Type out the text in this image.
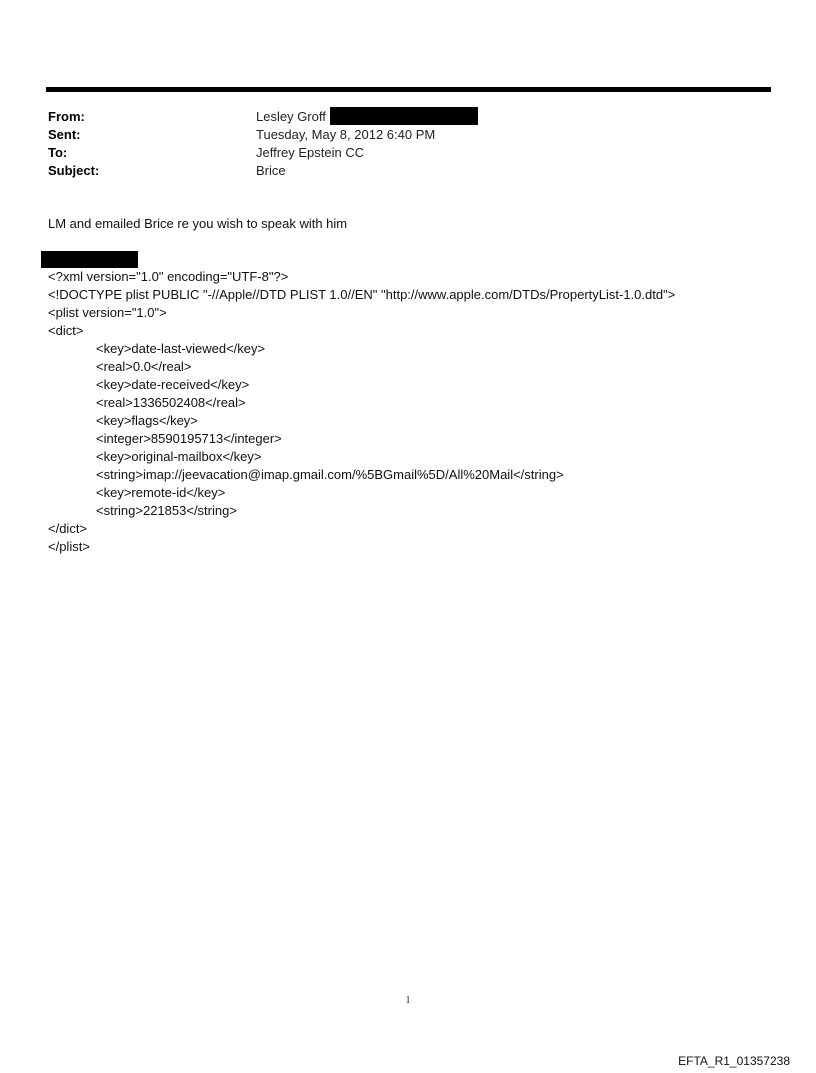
From:	Lesley Groff
Sent:	Tuesday, May 8, 2012 6:40 PM
To:	Jeffrey Epstein CC
Subject:	Brice
LM and emailed Brice re you wish to speak with him
<?xml version="1.0" encoding="UTF-8"?>
<!DOCTYPE plist PUBLIC "-//Apple//DTD PLIST 1.0//EN" "http://www.apple.com/DTDs/PropertyList-1.0.dtd">
<plist version="1.0">
<dict>
<key>date-last-viewed</key>
<real>0.0</real>
<key>date-received</key>
<real>1336502408</real>
<key>flags</key>
<integer>8590195713</integer>
<key>original-mailbox</key>
<string>imap://jeevacation@imap.gmail.com/%5BGmail%5D/All%20Mail</string>
<key>remote-id</key>
<string>221853</string>
</dict>
</plist>
1
EFTA_R1_01357238
